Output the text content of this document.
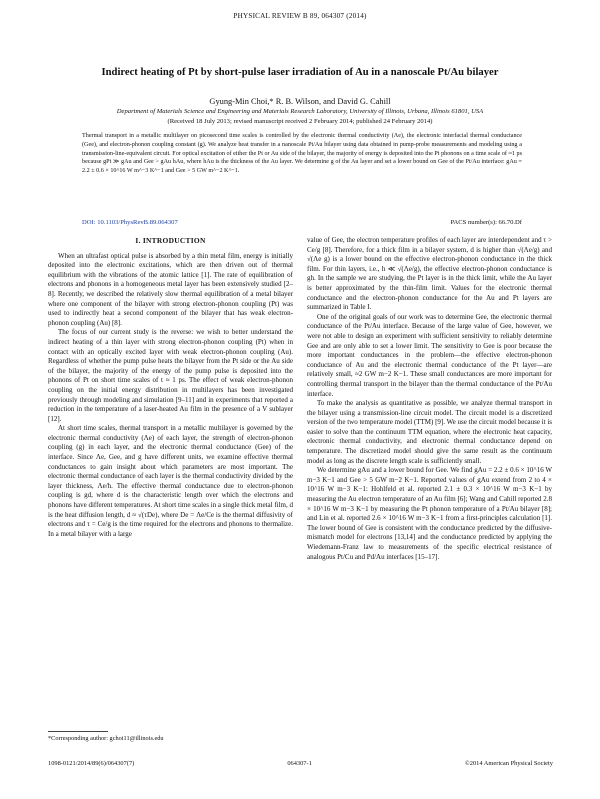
PHYSICAL REVIEW B 89, 064307 (2014)
Indirect heating of Pt by short-pulse laser irradiation of Au in a nanoscale Pt/Au bilayer
Gyung-Min Choi,* R. B. Wilson, and David G. Cahill
Department of Materials Science and Engineering and Materials Research Laboratory, University of Illinois, Urbana, Illinois 61801, USA
(Received 18 July 2013; revised manuscript received 2 February 2014; published 24 February 2014)
Thermal transport in a metallic multilayer on picosecond time scales is controlled by the electronic thermal conductivity (Λe), the electronic interfacial thermal conductance (Gee), and electron-phonon coupling constant (g). We analyze heat transfer in a nanoscale Pt/Au bilayer using data obtained in pump-probe measurements and modeling using a transmission-line-equivalent circuit. For optical excitation of either the Pt or Au side of the bilayer, the majority of energy is deposited into the Pt phonons on a time scale of ≈1 ps because gPt ≫ gAu and Gee > gAu hAu, where hAu is the thickness of the Au layer. We determine g of the Au layer and set a lower bound on Gee of the Pt/Au interface: gAu = 2.2 ± 0.6 × 10^16 W m^−3 K^−1 and Gee > 5 GW m^−2 K^−1.
DOI: 10.1103/PhysRevB.89.064307	PACS number(s): 66.70.Df
I. INTRODUCTION

When an ultrafast optical pulse is absorbed by a thin metal film, energy is initially deposited into the electronic excitations, which are then driven out of thermal equilibrium with the vibrations of the atomic lattice [1]. The rate of equilibration of electrons and phonons in a homogeneous metal layer has been extensively studied [2–8]. Recently, we described the relatively slow thermal equilibration of a metal bilayer where one component of the bilayer with strong electron-phonon coupling (Pt) was used to indirectly heat a second component of the bilayer that has weak electron-phonon coupling (Au) [8].

The focus of our current study is the reverse: we wish to better understand the indirect heating of a thin layer with strong electron-phonon coupling (Pt) when in contact with an optically excited layer with weak electron-phonon coupling (Au). Regardless of whether the pump pulse heats the bilayer from the Pt side or the Au side of the bilayer, the majority of the energy of the pump pulse is deposited into the phonons of Pt on short time scales of t ≈ 1 ps. The effect of weak electron-phonon coupling on the initial energy distribution in multilayers has been investigated previously through modeling and simulation [9–11] and in experiments that reported a reduction in the temperature of a laser-heated Au film in the presence of a V sublayer [12].

At short time scales, thermal transport in a metallic multilayer is governed by the electronic thermal conductivity (Λe) of each layer, the strength of electron-phonon coupling (g) in each layer, and the electronic thermal conductance (Gee) of the interface. Since Λe, Gee, and g have different units, we examine effective thermal conductances to gain insight about which parameters are most important. The electronic thermal conductance of each layer is the thermal conductivity divided by the layer thickness, Λe/h. The effective thermal conductance due to electron-phonon coupling is gd, where d is the characteristic length over which the electrons and phonons have different temperatures. At short time scales in a single thick metal film, d is the heat diffusion length, d ≈ √(τDe), where De = Λe/Ce is the thermal diffusivity of electrons and τ = Ce/g is the time required for the electrons and phonons to thermalize. In a metal bilayer with a large

value of Gee, the electron temperature profiles of each layer are interdependent and τ > Ce/g [8]. Therefore, for a thick film in a bilayer system, d is higher than √(Λe/g) and √(Λe g) is a lower bound on the effective electron-phonon conductance in the thick film. For thin layers, i.e., h ≪ √(Λe/g), the effective electron-phonon conductance is gh. In the sample we are studying, the Pt layer is in the thick limit, while the Au layer is better approximated by the thin-film limit. Values for the electronic thermal conductance and the electron-phonon conductance for the Au and Pt layers are summarized in Table I.

One of the original goals of our work was to determine Gee, the electronic thermal conductance of the Pt/Au interface. Because of the large value of Gee, however, we were not able to design an experiment with sufficient sensitivity to reliably determine Gee and are only able to set a lower limit. The sensitivity to Gee is poor because the more important conductances in the problem—the effective electron-phonon conductance of Au and the electronic thermal conductance of the Pt layer—are relatively small, ≈2 GW m−2 K−1. These small conductances are more important for controlling thermal transport in the bilayer than the thermal conductance of the Pt/Au interface.

To make the analysis as quantitative as possible, we analyze thermal transport in the bilayer using a transmission-line circuit model. The circuit model is a discretized version of the two temperature model (TTM) [9]. We use the circuit model because it is easier to solve than the continuum TTM equation, where the electronic heat capacity, electronic thermal conductivity, and electronic thermal conductance depend on temperature. The discretized model should give the same result as the continuum model as long as the discrete length scale is sufficiently small.

We determine gAu and a lower bound for Gee. We find gAu = 2.2 ± 0.6 × 10^16 W m−3 K−1 and Gee > 5 GW m−2 K−1. Reported values of gAu extend from 2 to 4 × 10^16 W m−3 K−1: Hohlfeld et al. reported 2.1 ± 0.3 × 10^16 W m−3 K−1 by measuring the Au electron temperature of an Au film [6]; Wang and Cahill reported 2.8 × 10^16 W m−3 K−1 by measuring the Pt phonon temperature of a Pt/Au bilayer [8]; and Lin et al. reported 2.6 × 10^16 W m−3 K−1 from a first-principles calculation [1]. The lower bound of Gee is consistent with the conductance predicted by the diffusive-mismatch model for electrons [13,14] and the conductance predicted by applying the Wiedemann-Franz law to measurements of the specific electrical resistance of analogous Pt/Cu and Pd/Au interfaces [15–17].

*Corresponding author: gchoi11@illinois.edu
1098-0121/2014/89(6)/064307(7)	064307-1	©2014 American Physical Society
